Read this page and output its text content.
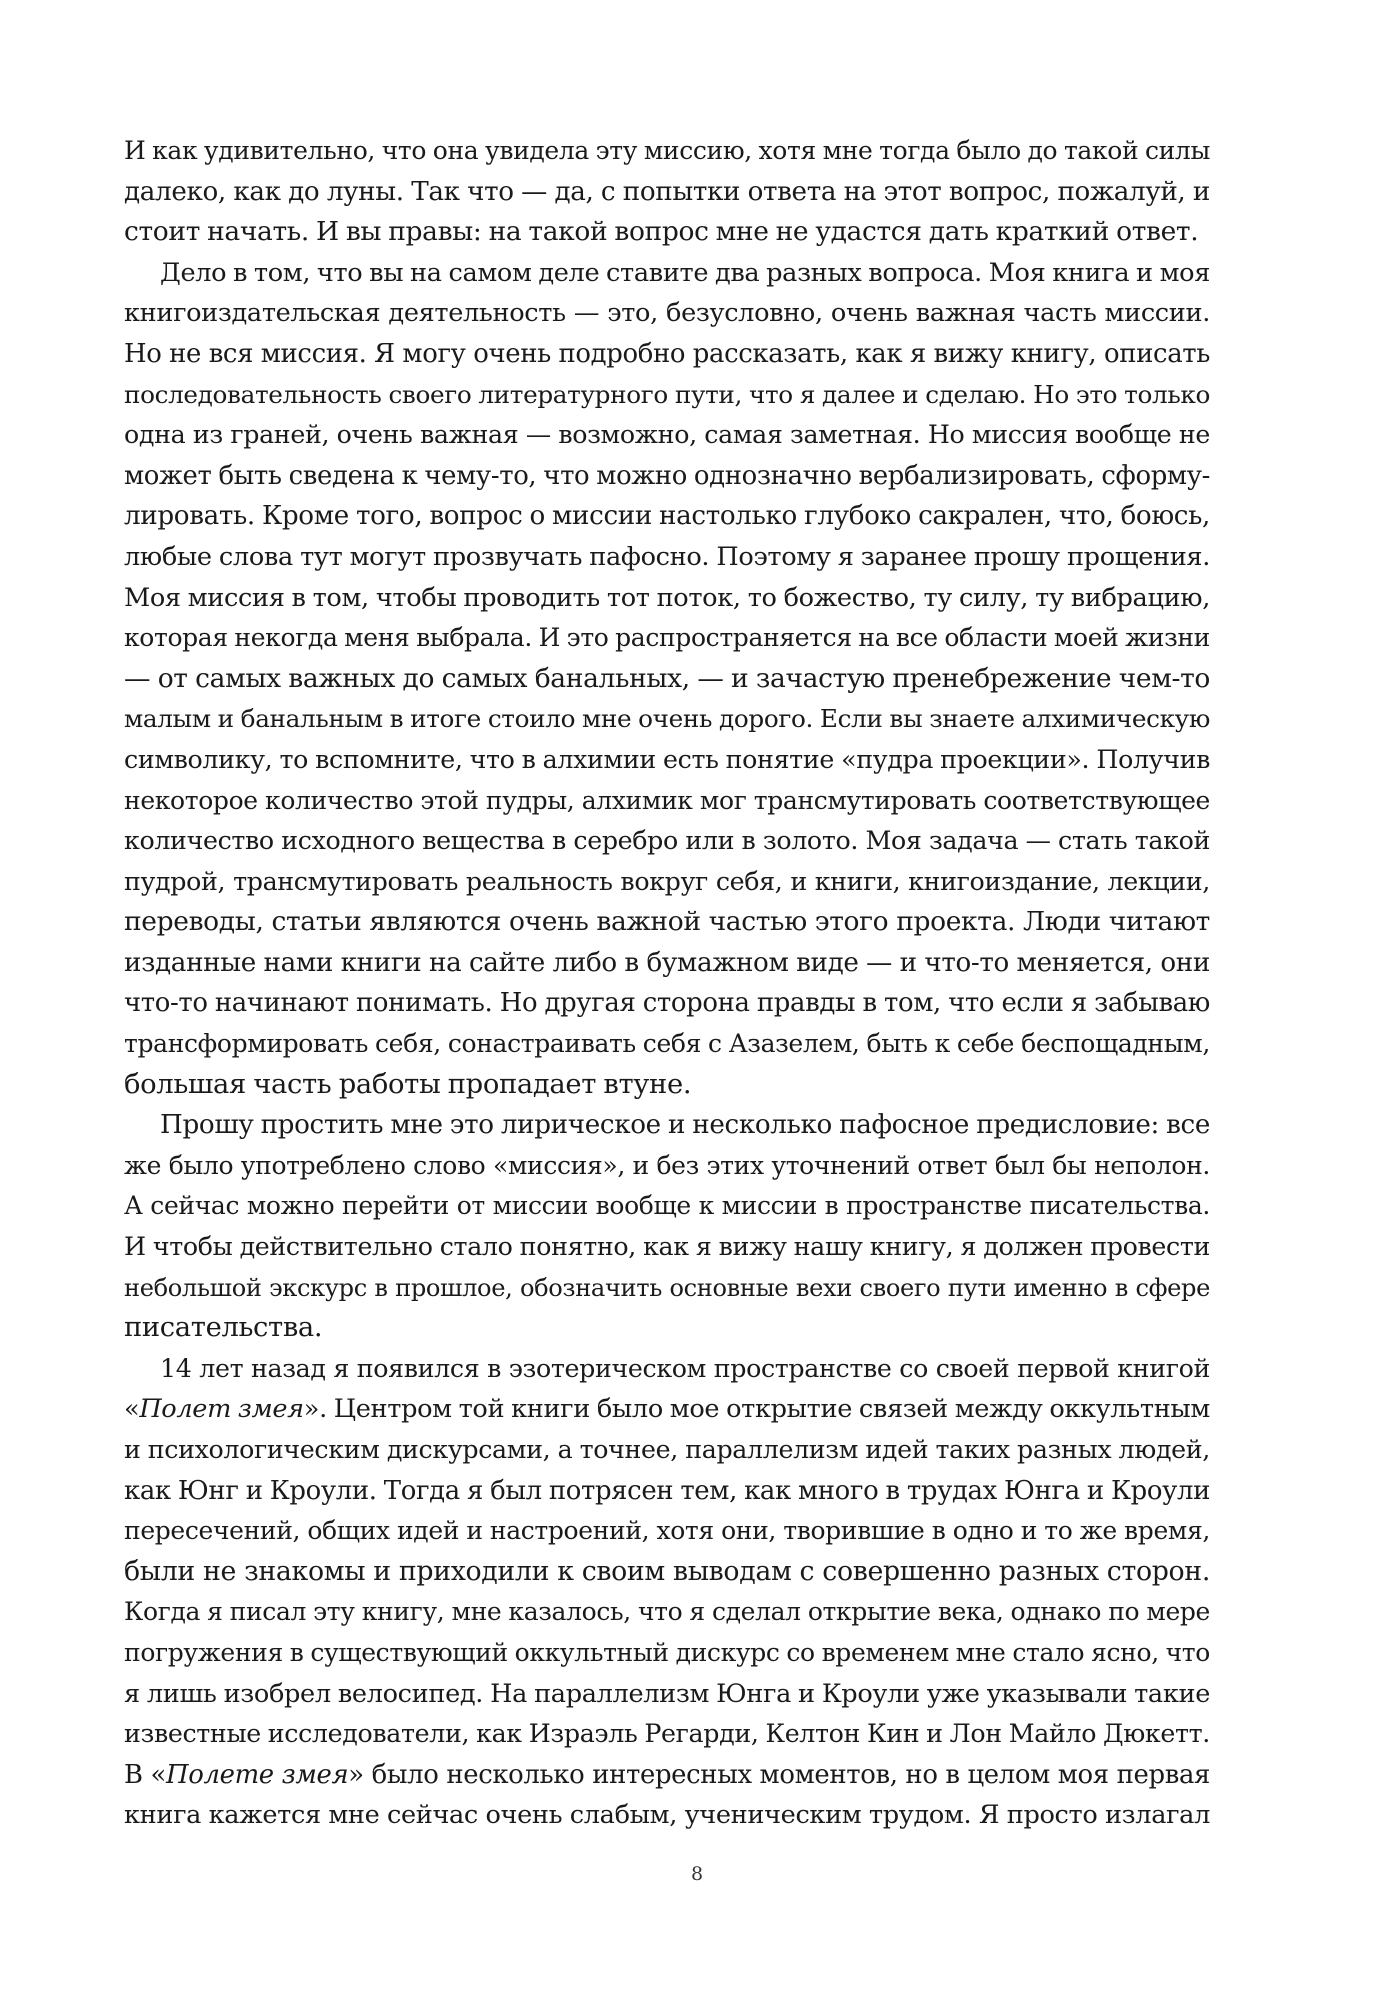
И как удивительно, что она увидела эту миссию, хотя мне тогда было до такой силы
далеко, как до луны. Так что — да, с попытки ответа на этот вопрос, пожалуй, и
стоит начать. И вы правы: на такой вопрос мне не удастся дать краткий ответ.
Дело в том, что вы на самом деле ставите два разных вопроса. Моя книга и моя
книгоиздательская деятельность — это, безусловно, очень важная часть миссии.
Но не вся миссия. Я могу очень подробно рассказать, как я вижу книгу, описать
последовательность своего литературного пути, что я далее и сделаю. Но это только
одна из граней, очень важная — возможно, самая заметная. Но миссия вообще не
может быть сведена к чему-то, что можно однозначно вербализировать, сформу-
лировать. Кроме того, вопрос о миссии настолько глубоко сакрален, что, боюсь,
любые слова тут могут прозвучать пафосно. Поэтому я заранее прошу прощения.
Моя миссия в том, чтобы проводить тот поток, то божество, ту силу, ту вибрацию,
которая некогда меня выбрала. И это распространяется на все области моей жизни
— от самых важных до самых банальных, — и зачастую пренебрежение чем-то
малым и банальным в итоге стоило мне очень дорого. Если вы знаете алхимическую
символику, то вспомните, что в алхимии есть понятие «пудра проекции». Получив
некоторое количество этой пудры, алхимик мог трансмутировать соответствующее
количество исходного вещества в серебро или в золото. Моя задача — стать такой
пудрой, трансмутировать реальность вокруг себя, и книги, книгоиздание, лекции,
переводы, статьи являются очень важной частью этого проекта. Люди читают
изданные нами книги на сайте либо в бумажном виде — и что-то меняется, они
что-то начинают понимать. Но другая сторона правды в том, что если я забываю
трансформировать себя, сонастраивать себя с Азазелем, быть к себе беспощадным,
большая часть работы пропадает втуне.
Прошу простить мне это лирическое и несколько пафосное предисловие: все
же было употреблено слово «миссия», и без этих уточнений ответ был бы неполон.
А сейчас можно перейти от миссии вообще к миссии в пространстве писательства.
И чтобы действительно стало понятно, как я вижу нашу книгу, я должен провести
небольшой экскурс в прошлое, обозначить основные вехи своего пути именно в сфере
писательства.
14 лет назад я появился в эзотерическом пространстве со своей первой книгой
«Полет змея». Центром той книги было мое открытие связей между оккультным
и психологическим дискурсами, а точнее, параллелизм идей таких разных людей,
как Юнг и Кроули. Тогда я был потрясен тем, как много в трудах Юнга и Кроули
пересечений, общих идей и настроений, хотя они, творившие в одно и то же время,
были не знакомы и приходили к своим выводам с совершенно разных сторон.
Когда я писал эту книгу, мне казалось, что я сделал открытие века, однако по мере
погружения в существующий оккультный дискурс со временем мне стало ясно, что
я лишь изобрел велосипед. На параллелизм Юнга и Кроули уже указывали такие
известные исследователи, как Израэль Регарди, Келтон Кин и Лон Майло Дюкетт.
В «Полете змея» было несколько интересных моментов, но в целом моя первая
книга кажется мне сейчас очень слабым, ученическим трудом. Я просто излагал
8
